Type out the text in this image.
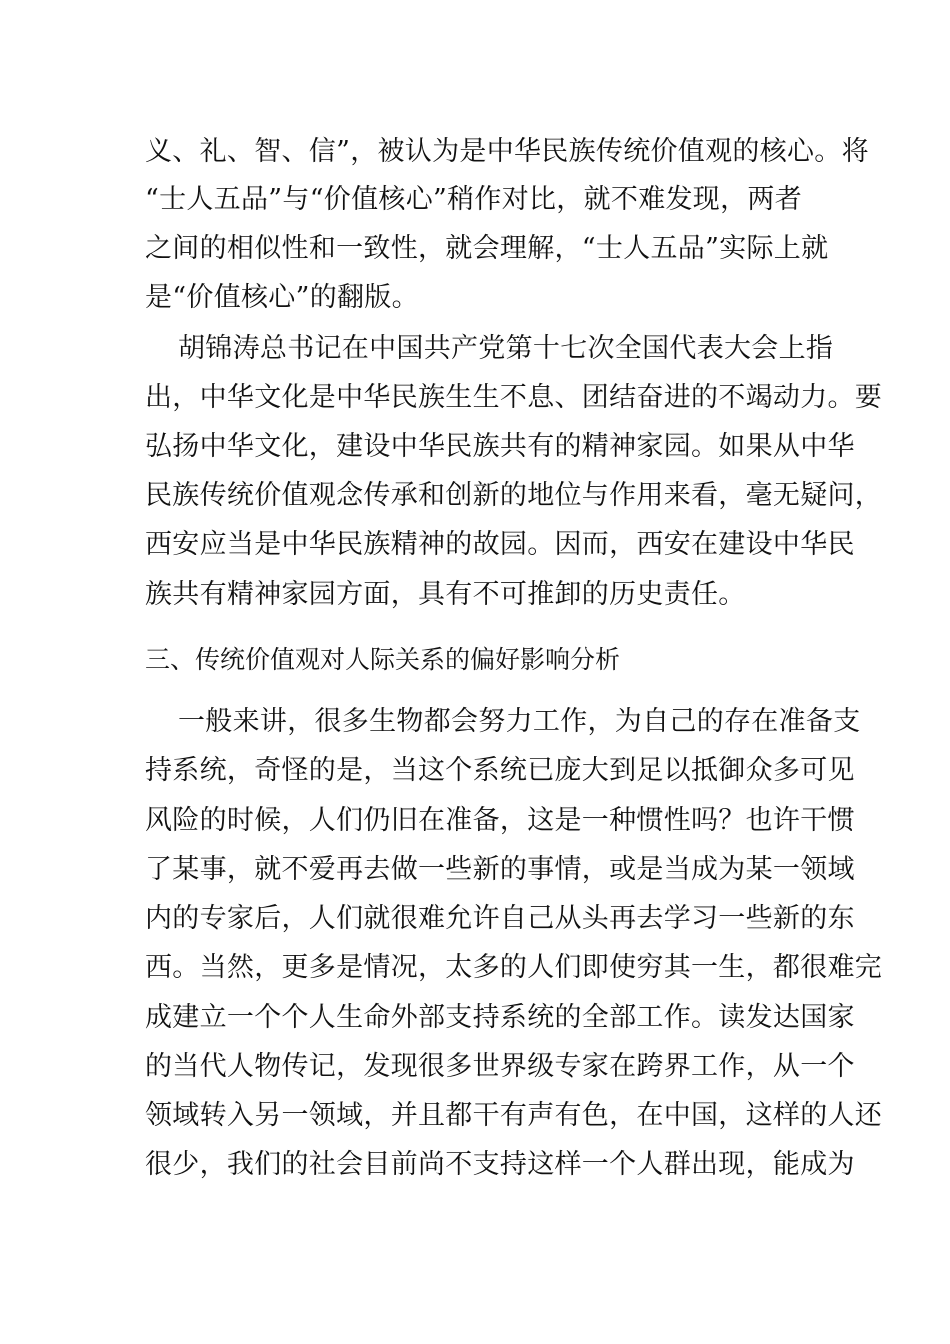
义、礼、智、信”，被认为是中华民族传统价值观的核心。将
“士人五品”与“价值核心”稍作对比，就不难发现，两者
之间的相似性和一致性，就会理解，“士人五品”实际上就
是“价值核心”的翻版。
胡锦涛总书记在中国共产党第十七次全国代表大会上指
出，中华文化是中华民族生生不息、团结奋进的不竭动力。要
弘扬中华文化，建设中华民族共有的精神家园。如果从中华
民族传统价值观念传承和创新的地位与作用来看，毫无疑问，
西安应当是中华民族精神的故园。因而，西安在建设中华民
族共有精神家园方面，具有不可推卸的历史责任。
三、传统价值观对人际关系的偏好影响分析
一般来讲，很多生物都会努力工作，为自己的存在准备支
持系统，奇怪的是，当这个系统已庞大到足以抵御众多可见
风险的时候，人们仍旧在准备，这是一种惯性吗？也许干惯
了某事，就不爱再去做一些新的事情，或是当成为某一领域
内的专家后，人们就很难允许自己从头再去学习一些新的东
西。当然，更多是情况，太多的人们即使穷其一生，都很难完
成建立一个个人生命外部支持系统的全部工作。读发达国家
的当代人物传记，发现很多世界级专家在跨界工作，从一个
领域转入另一领域，并且都干有声有色，在中国，这样的人还
很少，我们的社会目前尚不支持这样一个人群出现，能成为
